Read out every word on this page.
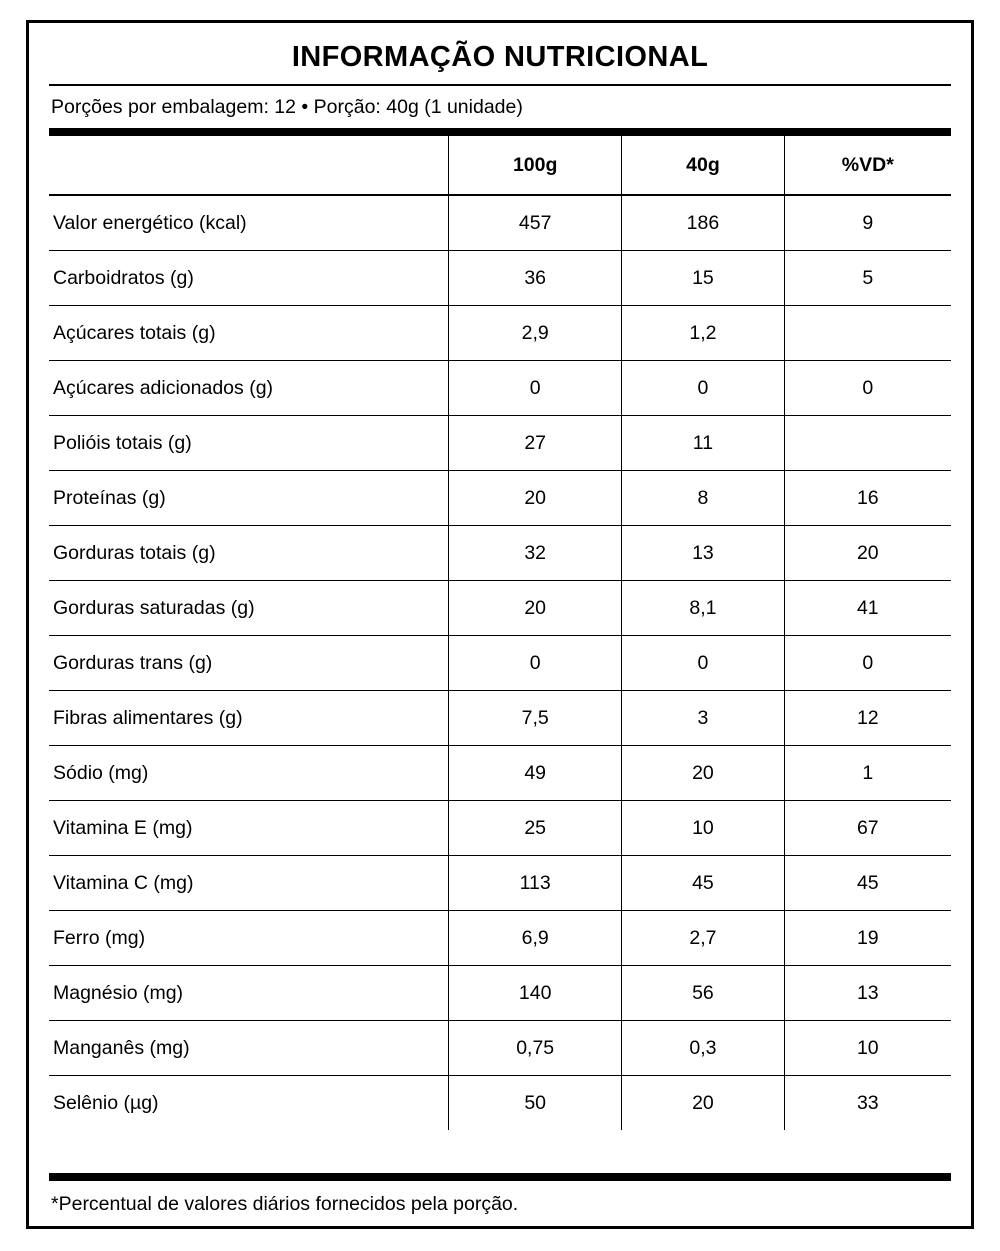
INFORMAÇÃO NUTRICIONAL
Porções por embalagem: 12 • Porção: 40g (1 unidade)
	100g	40g	%VD*
Valor energético (kcal)	457	186	9
Carboidratos (g)	36	15	5
Açúcares totais (g)	2,9	1,2	
Açúcares adicionados (g)	0	0	0
Polióis totais (g)	27	11	
Proteínas (g)	20	8	16
Gorduras totais (g)	32	13	20
Gorduras saturadas (g)	20	8,1	41
Gorduras trans (g)	0	0	0
Fibras alimentares (g)	7,5	3	12
Sódio (mg)	49	20	1
Vitamina E (mg)	25	10	67
Vitamina C (mg)	113	45	45
Ferro (mg)	6,9	2,7	19
Magnésio (mg)	140	56	13
Manganês (mg)	0,75	0,3	10
Selênio (µg)	50	20	33
*Percentual de valores diários fornecidos pela porção.
